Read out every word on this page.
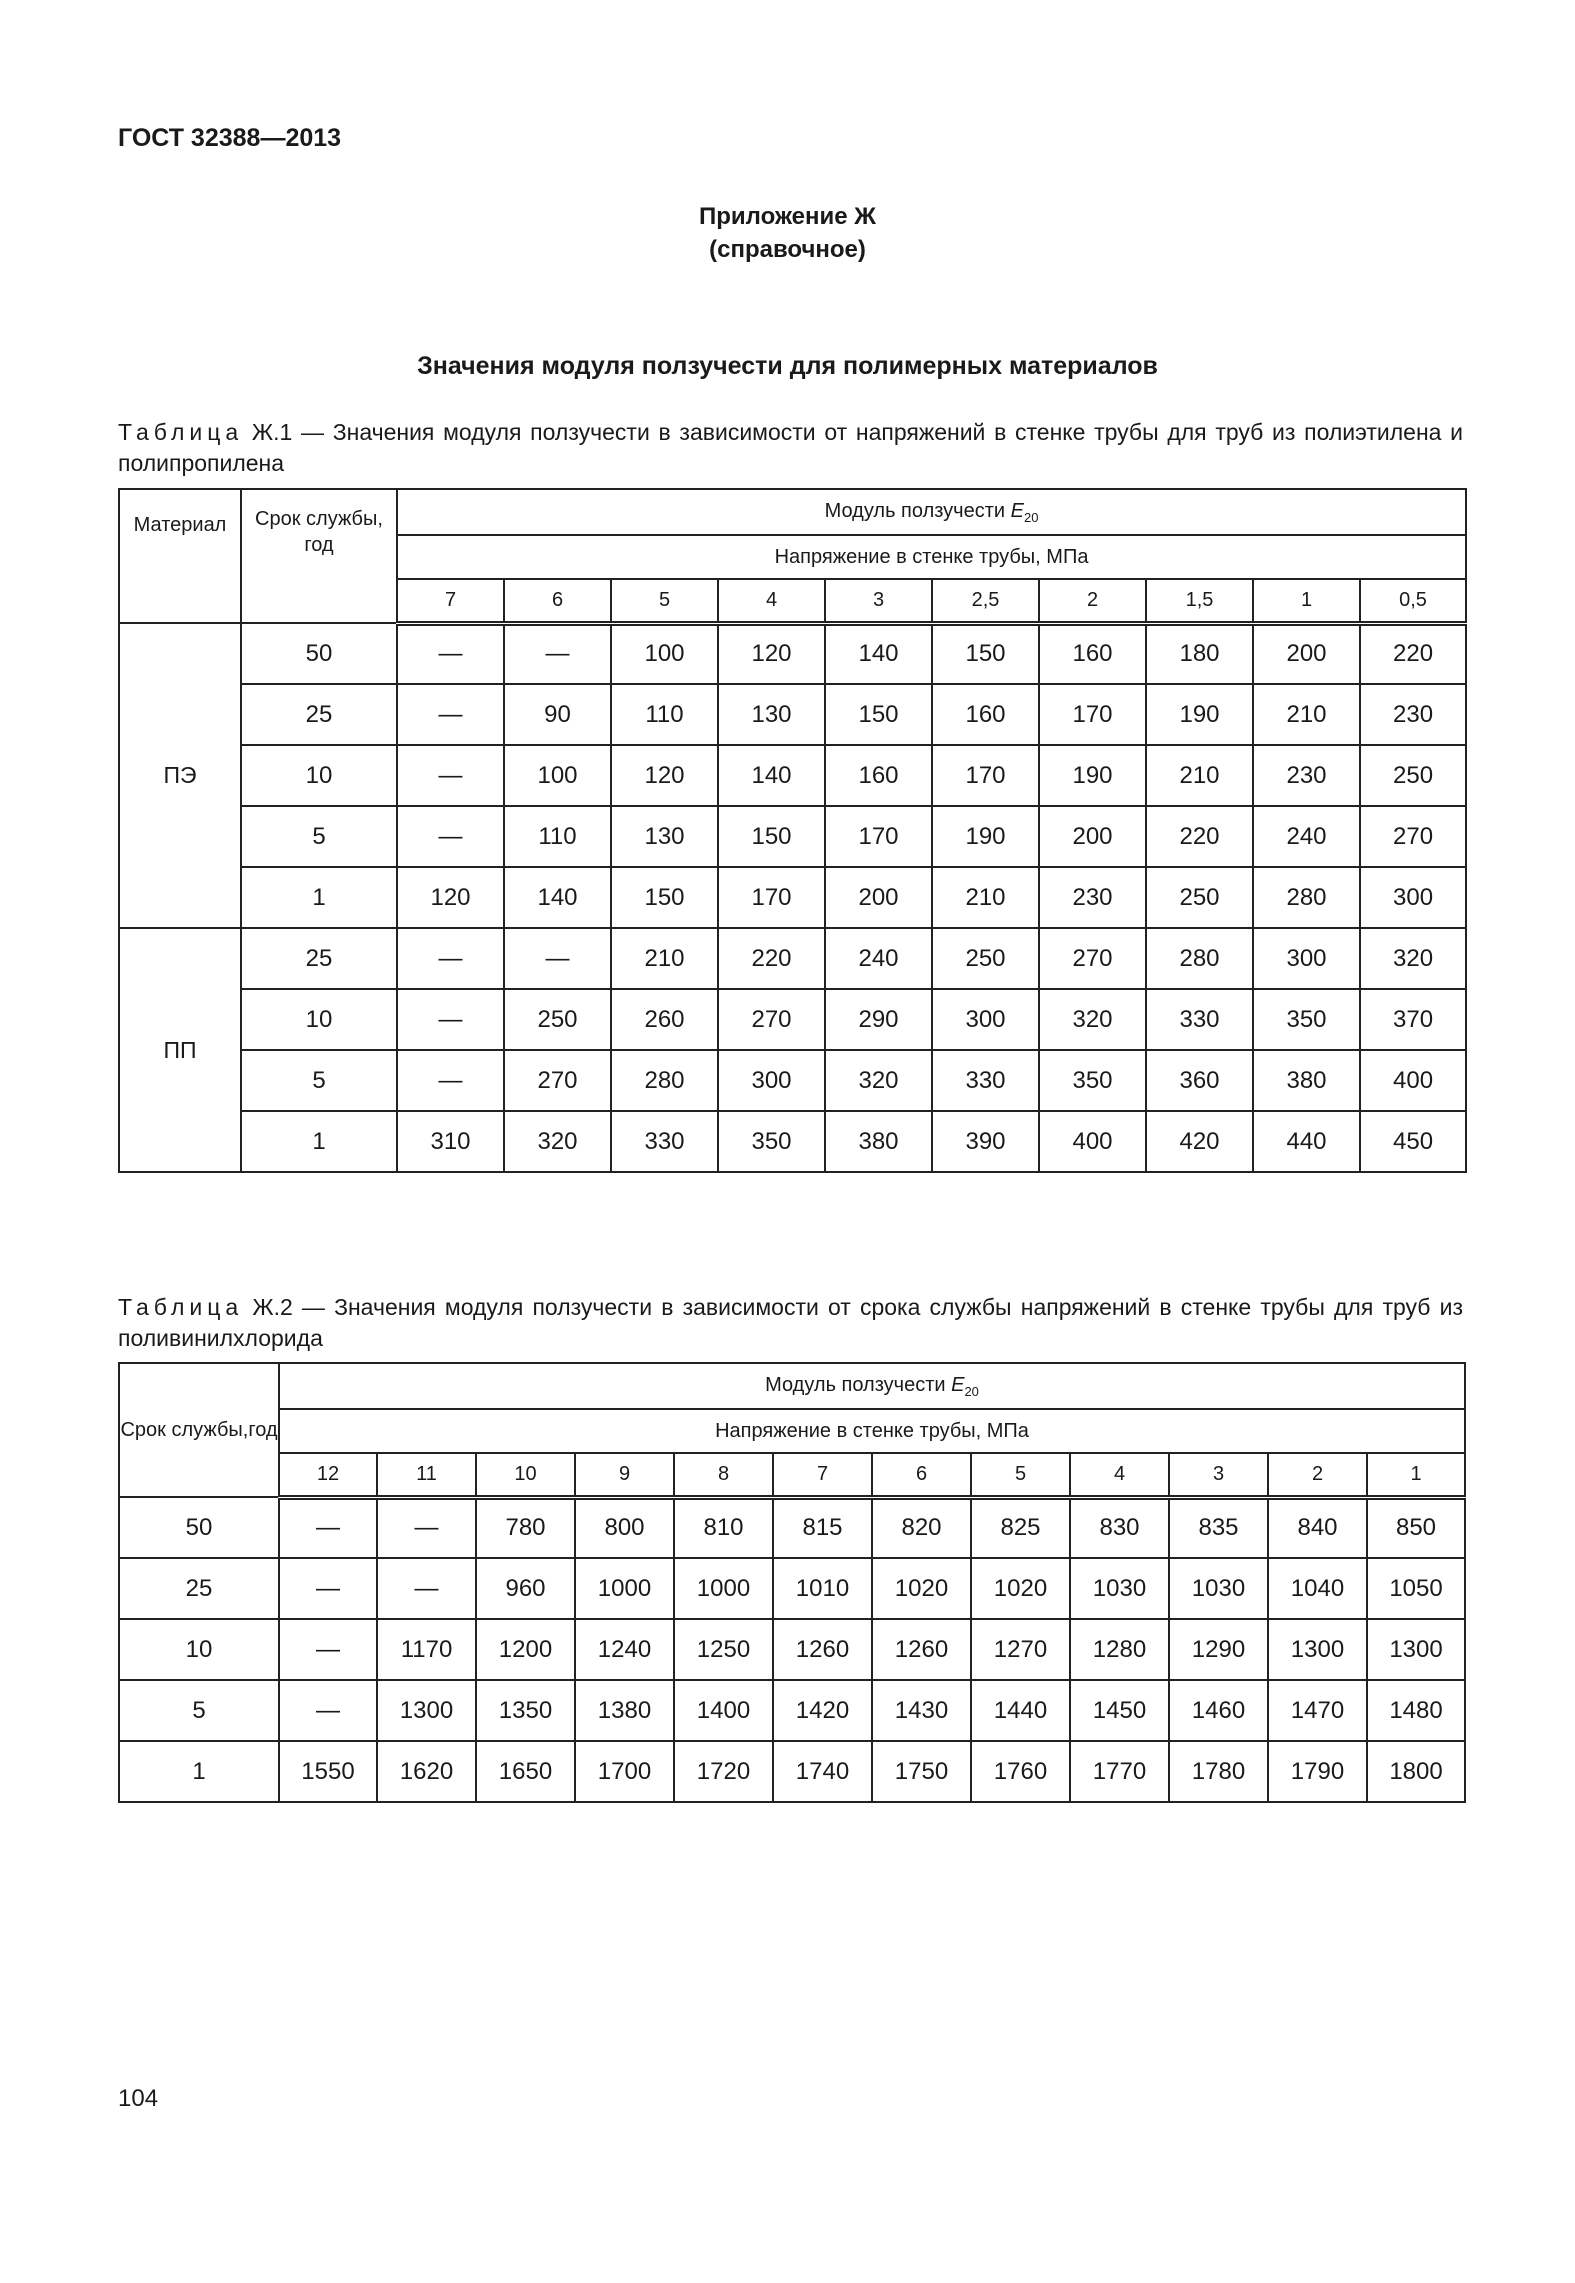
ГОСТ 32388—2013
Приложение Ж
(справочное)
Значения модуля ползучести для полимерных материалов
Таблица Ж.1 — Значения модуля ползучести в зависимости от напряжений в стенке трубы для труб из полиэтилена и полипропилена
Материал	Срок службы, год	Модуль ползучести $E_{20}$
		Напряжение в стенке трубы, МПа									
		7	6	5	4	3	2,5	2	1,5	1	0,5
ПЭ	50	—	—	100	120	140	150	160	180	200	220
	25	—	90	110	130	150	160	170	190	210	230
	10	—	100	120	140	160	170	190	210	230	250
	5	—	110	130	150	170	190	200	220	240	270
	1	120	140	150	170	200	210	230	250	280	300
ПП	25	—	—	210	220	240	250	270	280	300	320
	10	—	250	260	270	290	300	320	330	350	370
	5	—	270	280	300	320	330	350	360	380	400
	1	310	320	330	350	380	390	400	420	440	450
Таблица Ж.2 — Значения модуля ползучести в зависимости от срока службы напряжений в стенке трубы для труб из поливинилхлорида
Срок службы,год	Модуль ползучести $E_{20}$
	Напряжение в стенке трубы, МПа											
	12	11	10	9	8	7	6	5	4	3	2	1
50	—	—	780	800	810	815	820	825	830	835	840	850
25	—	—	960	1000	1000	1010	1020	1020	1030	1030	1040	1050
10	—	1170	1200	1240	1250	1260	1260	1270	1280	1290	1300	1300
5	—	1300	1350	1380	1400	1420	1430	1440	1450	1460	1470	1480
1	1550	1620	1650	1700	1720	1740	1750	1760	1770	1780	1790	1800
104
